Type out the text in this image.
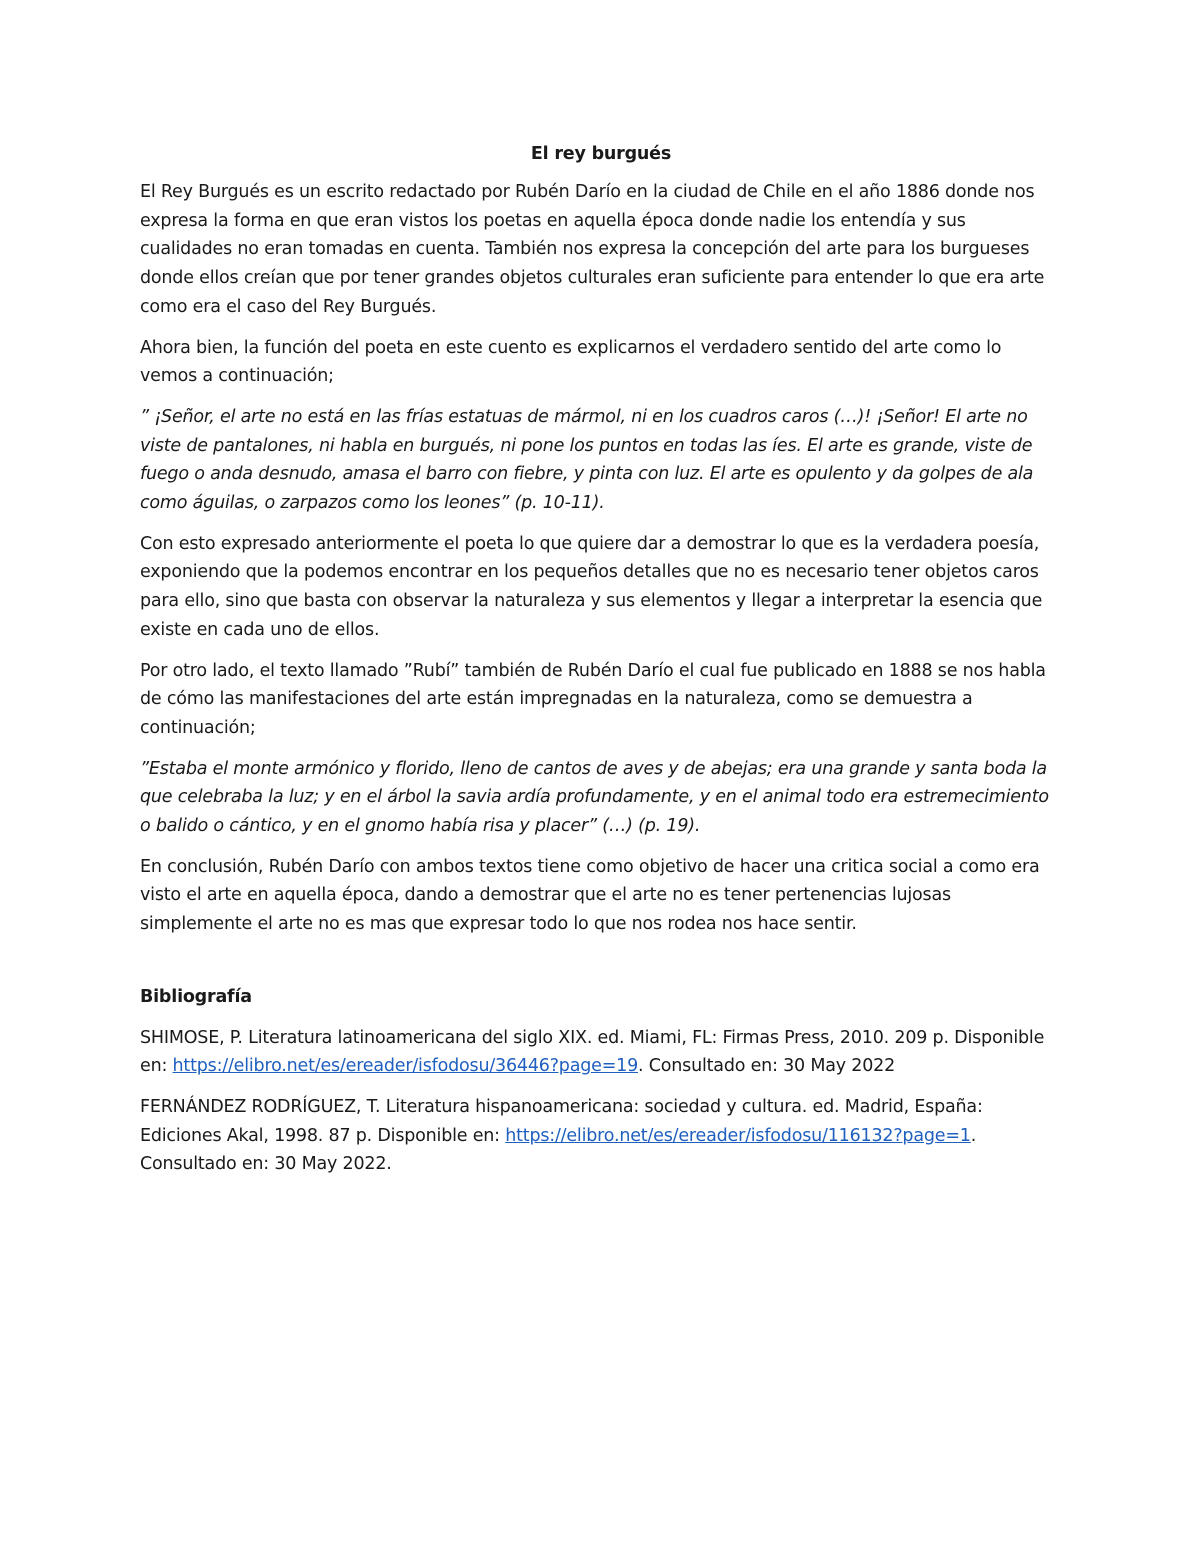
El rey burgués

El Rey Burgués es un escrito redactado por Rubén Darío en la ciudad de Chile en el año 1886 donde nos expresa la forma en que eran vistos los poetas en aquella época donde nadie los entendía y sus cualidades no eran tomadas en cuenta. También nos expresa la concepción del arte para los burgueses donde ellos creían que por tener grandes objetos culturales eran suficiente para entender lo que era arte como era el caso del Rey Burgués.

Ahora bien, la función del poeta en este cuento es explicarnos el verdadero sentido del arte como lo vemos a continuación;

” ¡Señor, el arte no está en las frías estatuas de mármol, ni en los cuadros caros (…)! ¡Señor! El arte no viste de pantalones, ni habla en burgués, ni pone los puntos en todas las íes. El arte es grande, viste de fuego o anda desnudo, amasa el barro con fiebre, y pinta con luz. El arte es opulento y da golpes de ala como águilas, o zarpazos como los leones” (p. 10-11).

Con esto expresado anteriormente el poeta lo que quiere dar a demostrar lo que es la verdadera poesía, exponiendo que la podemos encontrar en los pequeños detalles que no es necesario tener objetos caros para ello, sino que basta con observar la naturaleza y sus elementos y llegar a interpretar la esencia que existe en cada uno de ellos.

Por otro lado, el texto llamado ”Rubí” también de Rubén Darío el cual fue publicado en 1888 se nos habla de cómo las manifestaciones del arte están impregnadas en la naturaleza, como se demuestra a continuación;

”Estaba el monte armónico y florido, lleno de cantos de aves y de abejas; era una grande y santa boda la que celebraba la luz; y en el árbol la savia ardía profundamente, y en el animal todo era estremecimiento o balido o cántico, y en el gnomo había risa y placer” (…) (p. 19).

En conclusión, Rubén Darío con ambos textos tiene como objetivo de hacer una critica social a como era visto el arte en aquella época, dando a demostrar que el arte no es tener pertenencias lujosas simplemente el arte no es mas que expresar todo lo que nos rodea nos hace sentir.

Bibliografía

SHIMOSE, P. Literatura latinoamericana del siglo XIX. ed. Miami, FL: Firmas Press, 2010. 209 p. Disponible en: https://elibro.net/es/ereader/isfodosu/36446?page=19. Consultado en: 30 May 2022

FERNÁNDEZ RODRÍGUEZ, T. Literatura hispanoamericana: sociedad y cultura. ed. Madrid, España: Ediciones Akal, 1998. 87 p. Disponible en: https://elibro.net/es/ereader/isfodosu/116132?page=1. Consultado en: 30 May 2022.
